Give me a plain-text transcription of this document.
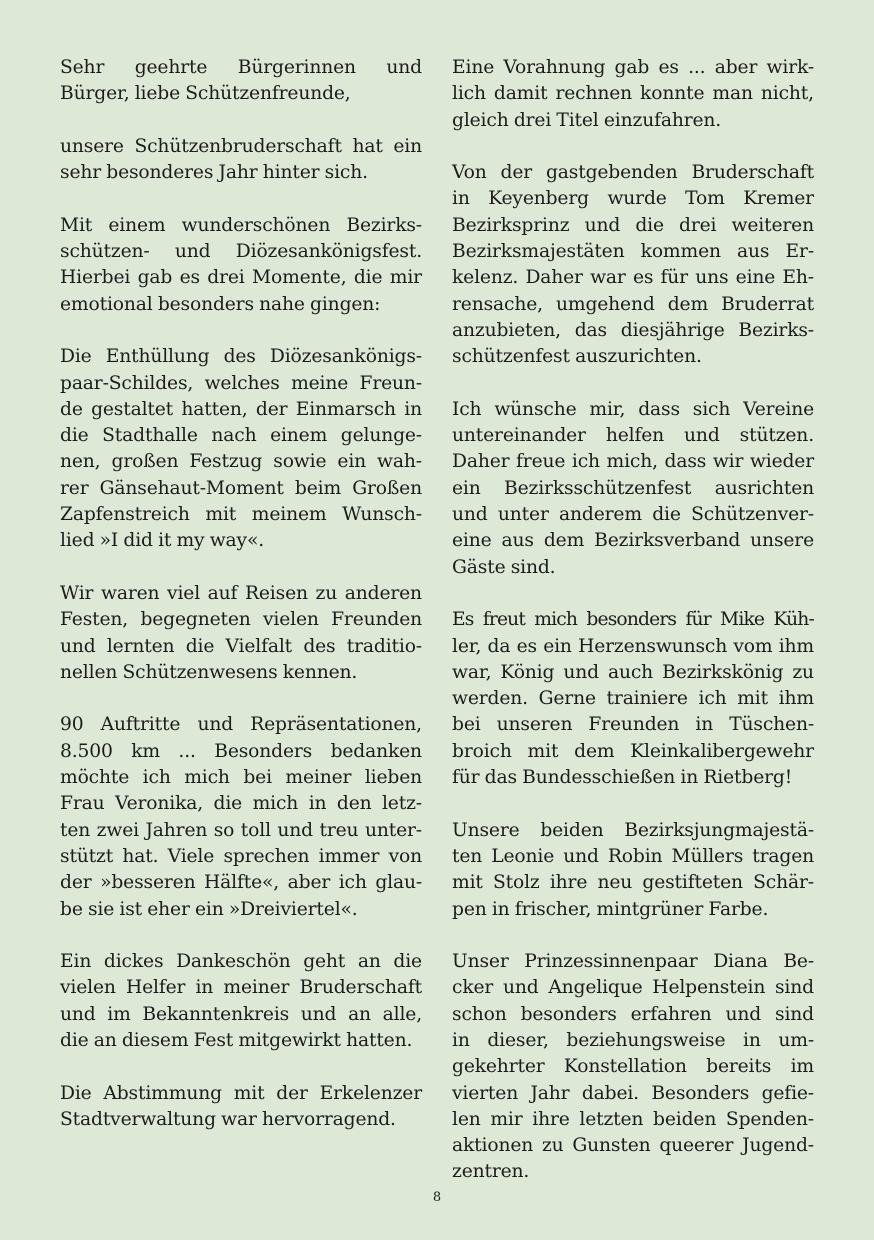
Sehr geehrte Bürgerinnen und
Bürger, liebe Schützenfreunde,
unsere Schützenbruderschaft hat ein
sehr besonderes Jahr hinter sich.
Mit einem wunderschönen Bezirks-
schützen- und Diözesankönigsfest.
Hierbei gab es drei Momente, die mir
emotional besonders nahe gingen:
Die Enthüllung des Diözesankönigs-
paar-Schildes, welches meine Freun-
de gestaltet hatten, der Einmarsch in
die Stadthalle nach einem gelunge-
nen, großen Festzug sowie ein wah-
rer Gänsehaut-Moment beim Großen
Zapfenstreich mit meinem Wunsch-
lied »I did it my way«.
Wir waren viel auf Reisen zu anderen
Festen, begegneten vielen Freunden
und lernten die Vielfalt des traditio-
nellen Schützenwesens kennen.
90 Auftritte und Repräsentationen,
8.500 km ... Besonders bedanken
möchte ich mich bei meiner lieben
Frau Veronika, die mich in den letz-
ten zwei Jahren so toll und treu unter-
stützt hat. Viele sprechen immer von
der »besseren Hälfte«, aber ich glau-
be sie ist eher ein »Dreiviertel«.
Ein dickes Dankeschön geht an die
vielen Helfer in meiner Bruderschaft
und im Bekanntenkreis und an alle,
die an diesem Fest mitgewirkt hatten.
Die Abstimmung mit der Erkelenzer
Stadtverwaltung war hervorragend.
Eine Vorahnung gab es ... aber wirk-
lich damit rechnen konnte man nicht,
gleich drei Titel einzufahren.
Von der gastgebenden Bruderschaft
in Keyenberg wurde Tom Kremer
Bezirksprinz und die drei weiteren
Bezirksmajestäten kommen aus Er-
kelenz. Daher war es für uns eine Eh-
rensache, umgehend dem Bruderrat
anzubieten, das diesjährige Bezirks-
schützenfest auszurichten.
Ich wünsche mir, dass sich Vereine
untereinander helfen und stützen.
Daher freue ich mich, dass wir wieder
ein Bezirksschützenfest ausrichten
und unter anderem die Schützenver-
eine aus dem Bezirksverband unsere
Gäste sind.
Es freut mich besonders für Mike Küh-
ler, da es ein Herzenswunsch vom ihm
war, König und auch Bezirkskönig zu
werden. Gerne trainiere ich mit ihm
bei unseren Freunden in Tüschen-
broich mit dem Kleinkalibergewehr
für das Bundesschießen in Rietberg!
Unsere beiden Bezirksjungmajestä-
ten Leonie und Robin Müllers tragen
mit Stolz ihre neu gestifteten Schär-
pen in frischer, mintgrüner Farbe.
Unser Prinzessinnenpaar Diana Be-
cker und Angelique Helpenstein sind
schon besonders erfahren und sind
in dieser, beziehungsweise in um-
gekehrter Konstellation bereits im
vierten Jahr dabei. Besonders gefie-
len mir ihre letzten beiden Spenden-
aktionen zu Gunsten queerer Jugend-
zentren.
8
